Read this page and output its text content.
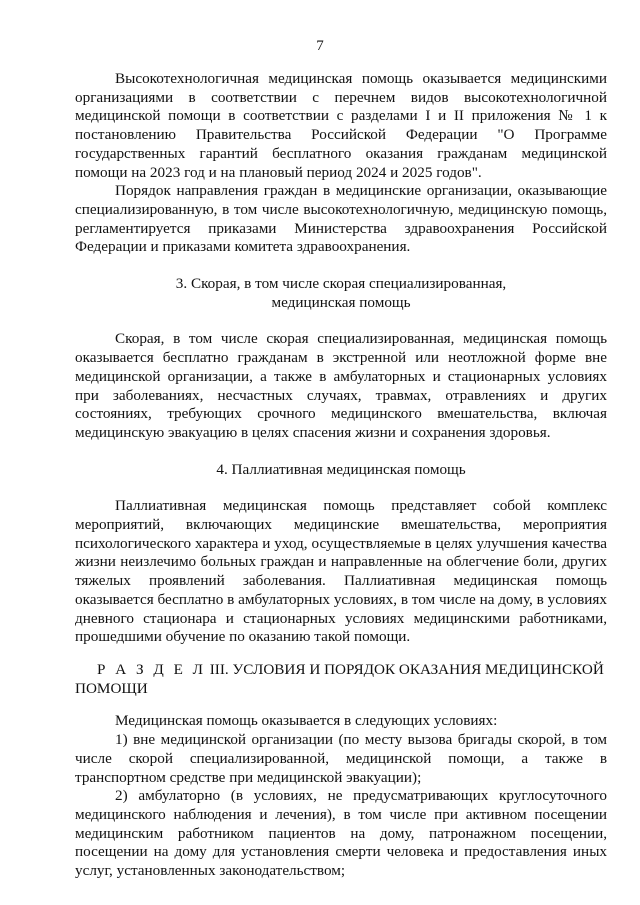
7

Высокотехнологичная медицинская помощь оказывается медицинскими организациями в соответствии с перечнем видов высокотехнологичной медицинской помощи в соответствии с разделами I и II приложения № 1 к постановлению Правительства Российской Федерации "О Программе государственных гарантий бесплатного оказания гражданам медицинской помощи на 2023 год и на плановый период 2024 и 2025 годов".

Порядок направления граждан в медицинские организации, оказывающие специализированную, в том числе высокотехнологичную, медицинскую помощь, регламентируется приказами Министерства здравоохранения Российской Федерации и приказами комитета здравоохранения.

3. Скорая, в том числе скорая специализированная,

медицинская помощь

Скорая, в том числе скорая специализированная, медицинская помощь оказывается бесплатно гражданам в экстренной или неотложной форме вне медицинской организации, а также в амбулаторных и стационарных условиях при заболеваниях, несчастных случаях, травмах, отравлениях и других состояниях, требующих срочного медицинского вмешательства, включая медицинскую эвакуацию в целях спасения жизни и сохранения здоровья.

4. Паллиативная медицинская помощь

Паллиативная медицинская помощь представляет собой комплекс мероприятий, включающих медицинские вмешательства, мероприятия психологического характера и уход, осуществляемые в целях улучшения качества жизни неизлечимо больных граждан и направленные на облегчение боли, других тяжелых проявлений заболевания. Паллиативная медицинская помощь оказывается бесплатно в амбулаторных условиях, в том числе на дому, в условиях дневного стационара и стационарных условиях медицинскими работниками, прошедшими обучение по оказанию такой помощи.

Р А З Д Е Л III. УСЛОВИЯ И ПОРЯДОК ОКАЗАНИЯ МЕДИЦИНСКОЙ ПОМОЩИ

Медицинская помощь оказывается в следующих условиях:

1) вне медицинской организации (по месту вызова бригады скорой, в том числе скорой специализированной, медицинской помощи, а также в транспортном средстве при медицинской эвакуации);

2) амбулаторно (в условиях, не предусматривающих круглосуточного медицинского наблюдения и лечения), в том числе при активном посещении медицинским работником пациентов на дому, патронажном посещении, посещении на дому для установления смерти человека и предоставления иных услуг, установленных законодательством;
